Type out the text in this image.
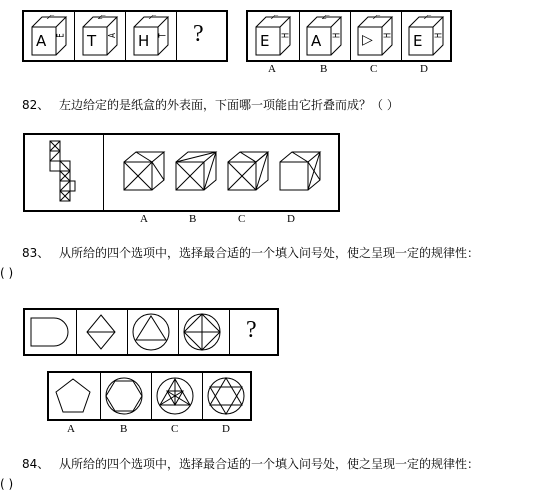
A E
F
T A
E
H T
F
?	E H
F
A H
E
▷ H
F
E H
F
A	B	C	D
82、 左边给定的是纸盒的外表面，下面哪一项能由它折叠而成？（ ）
A	B	C	D
83、 从所给的四个选项中，选择最合适的一个填入问号处，使之呈现一定的规律性：
( )
?
A	B	C	D
84、 从所给的四个选项中，选择最合适的一个填入问号处，使之呈现一定的规律性：
( )
